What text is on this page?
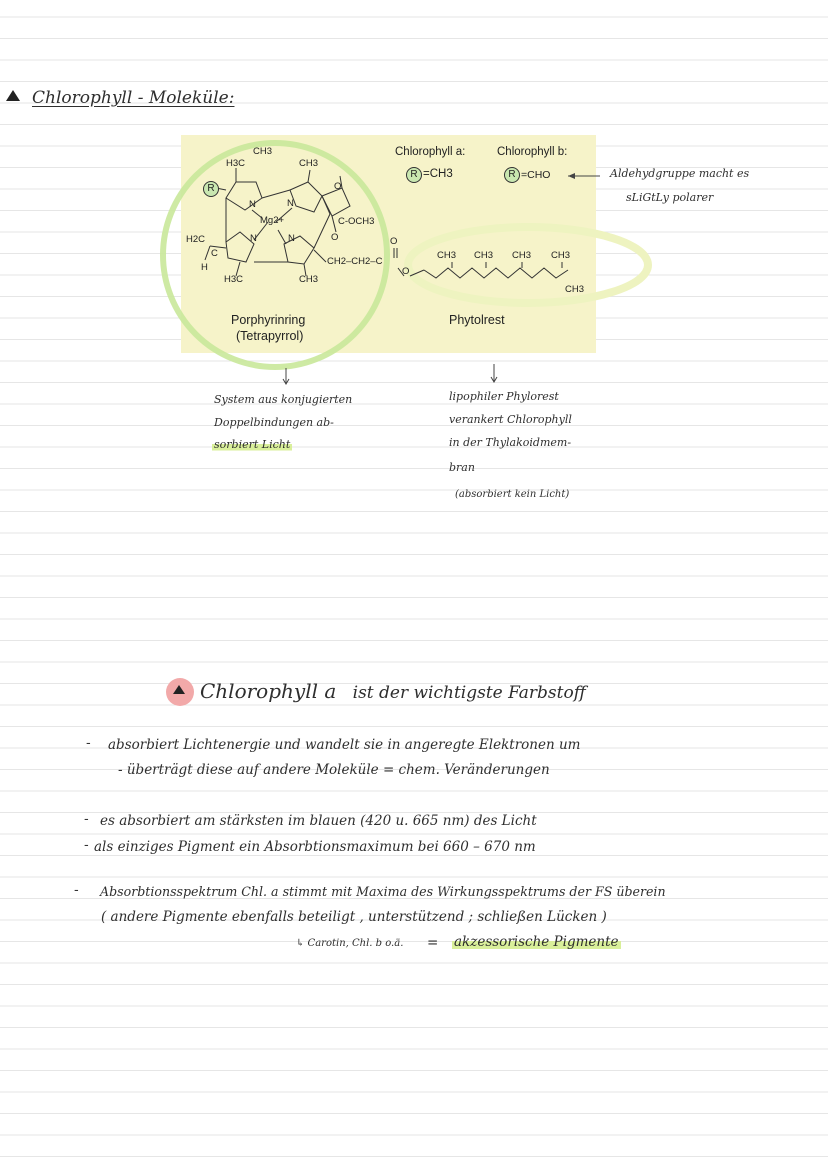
Chlorophyll - Moleküle:
R
CH3
H3C	CH3
O
N	N
Mg2+
N	N
C-OCH3
O
H2C
C
H
H3C	CH3
CH2–CH2–C
O
O
CH3 CH3 CH3 CH3
CH3
Chlorophyll a:	Chlorophyll b:
R =CH3	R =CHO
Porphyrinring
(Tetrapyrrol)
Phytolrest
Aldehydgruppe macht es
sLiGtLy polarer
System aus konjugierten
Doppelbindungen ab-
sorbiert Licht
lipophiler Phylorest
verankert Chlorophyll
in der Thylakoidmem-
bran
(absorbiert kein Licht)
Chlorophyll a ist der wichtigste Farbstoff
- absorbiert Lichtenergie und wandelt sie in angeregte Elektronen um
- überträgt diese auf andere Moleküle = chem. Veränderungen
- es absorbiert am stärksten im blauen (420 u. 665 nm) des Licht
- als einziges Pigment ein Absorbtionsmaximum bei 660 – 670 nm
- Absorbtionsspektrum Chl. a stimmt mit Maxima des Wirkungsspektrums der FS überein
( andere Pigmente ebenfalls beteiligt , unterstützend ; schließen Lücken )
↳ Carotin, Chl. b o.ä. = akzessorische Pigmente
